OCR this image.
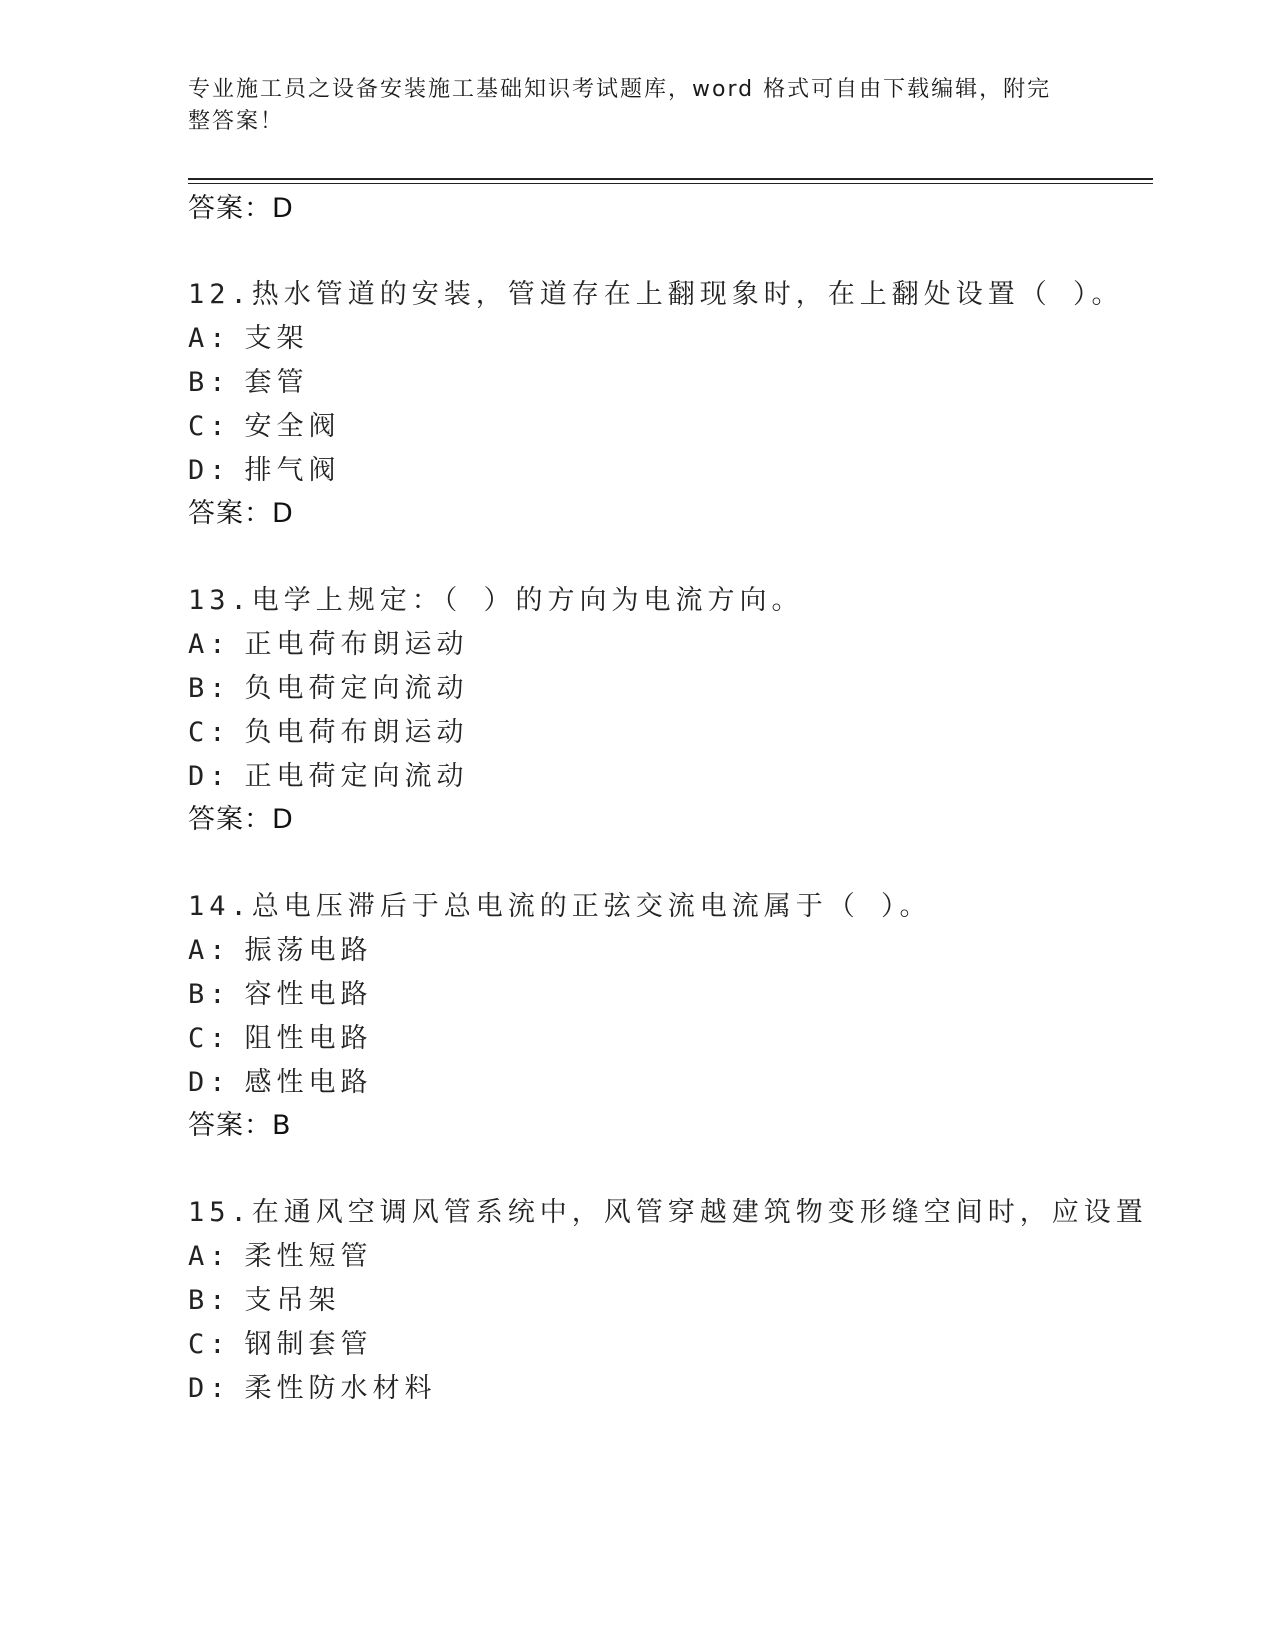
专业施工员之设备安装施工基础知识考试题库，word 格式可自由下载编辑，附完整答案！
答案：D
12.热水管道的安装，管道存在上翻现象时，在上翻处设置（ ）。
A: 支架
B: 套管
C: 安全阀
D: 排气阀
答案：D
13.电学上规定：（ ）的方向为电流方向。
A: 正电荷布朗运动
B: 负电荷定向流动
C: 负电荷布朗运动
D: 正电荷定向流动
答案：D
14.总电压滞后于总电流的正弦交流电流属于（ ）。
A: 振荡电路
B: 容性电路
C: 阻性电路
D: 感性电路
答案：B
15.在通风空调风管系统中，风管穿越建筑物变形缝空间时，应设置
A: 柔性短管
B: 支吊架
C: 钢制套管
D: 柔性防水材料
